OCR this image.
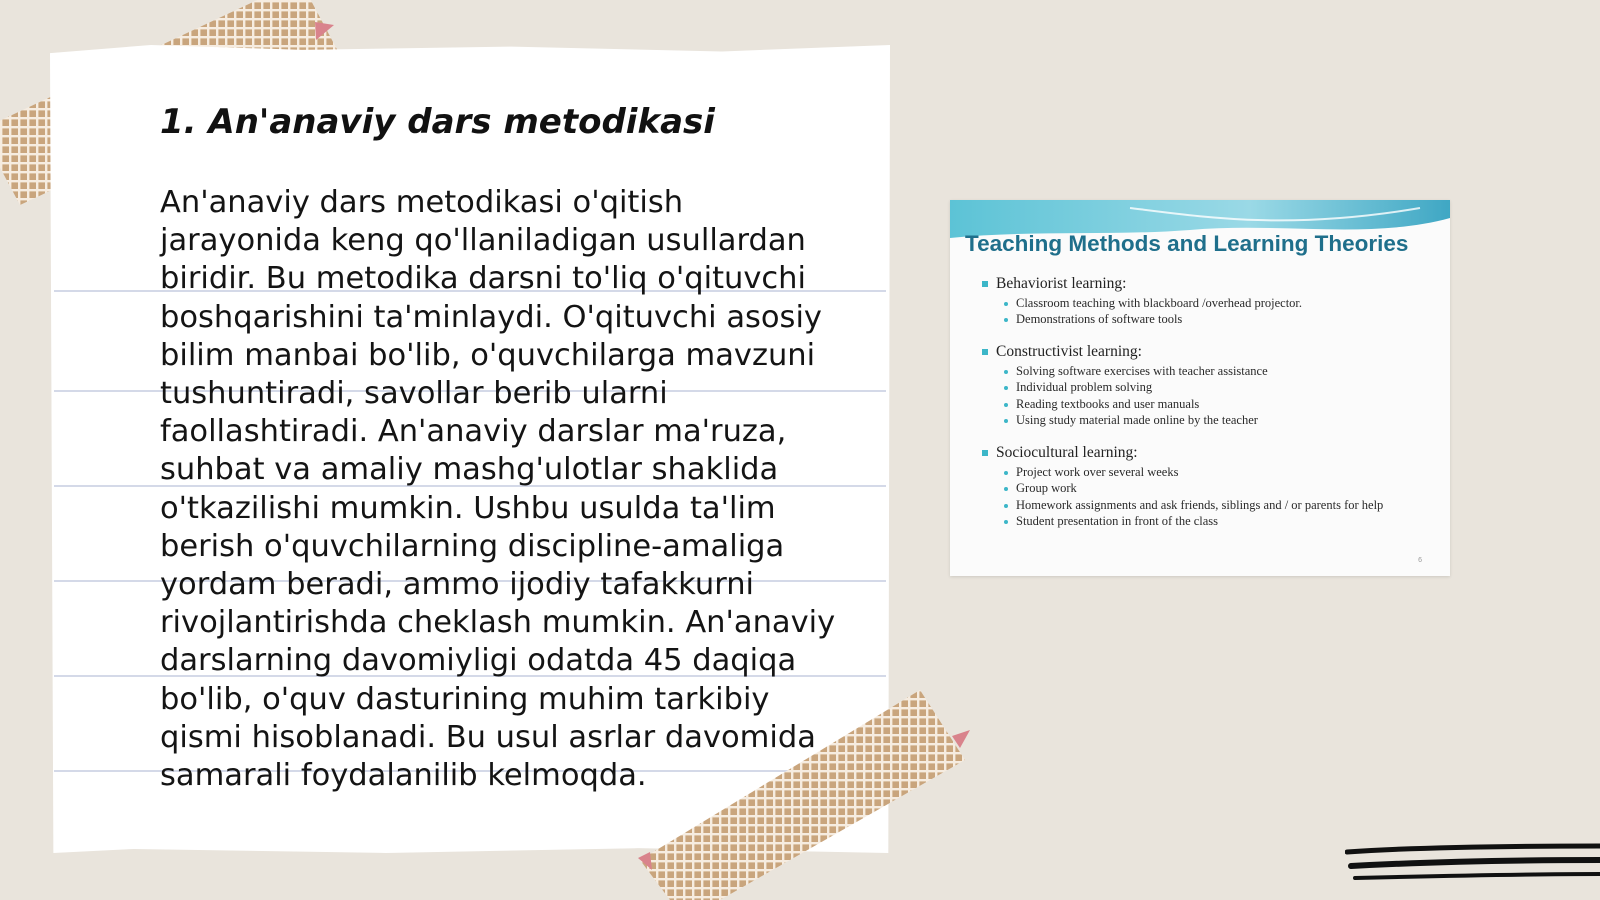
1. An'anaviy dars metodikasi

An'anaviy dars metodikasi o'qitish jarayonida keng qo'llaniladigan usullardan biridir. Bu metodika darsni to'liq o'qituvchi boshqarishini ta'minlaydi. O'qituvchi asosiy bilim manbai bo'lib, o'quvchilarga mavzuni tushuntiradi, savollar berib ularni faollashtiradi. An'anaviy darslar ma'ruza, suhbat va amaliy mashg'ulotlar shaklida o'tkazilishi mumkin. Ushbu usulda ta'lim berish o'quvchilarning discipline-amaliga yordam beradi, ammo ijodiy tafakkurni rivojlantirishda cheklash mumkin. An'anaviy darslarning davomiyligi odatda 45 daqiqa bo'lib, o'quv dasturining muhim tarkibiy qismi hisoblanadi. Bu usul asrlar davomida samarali foydalanilib kelmoqda.

Teaching Methods and Learning Theories
Behaviorist learning:
Classroom teaching with blackboard /overhead projector.
Demonstrations of software tools
Constructivist learning:
Solving software exercises with teacher assistance
Individual problem solving
Reading textbooks and user manuals
Using study material made online by the teacher
Sociocultural learning:
Project work over several weeks
Group work
Homework assignments and ask friends, siblings and / or parents for help
Student presentation in front of the class
6
